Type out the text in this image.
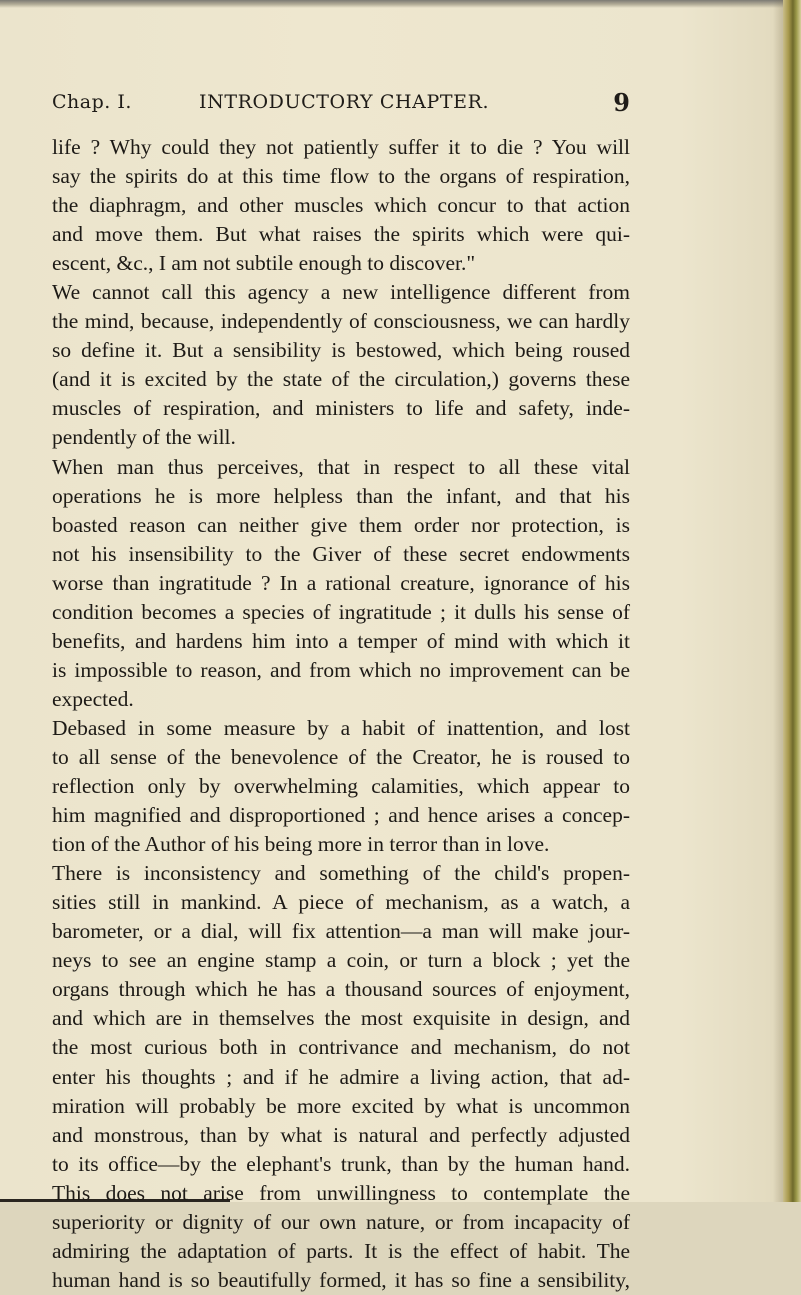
Chap. I.	INTRODUCTORY CHAPTER.	9
life ? Why could they not patiently suffer it to die ? You will
say the spirits do at this time flow to the organs of respiration,
the diaphragm, and other muscles which concur to that action
and move them. But what raises the spirits which were qui-
escent, &c., I am not subtile enough to discover."
We cannot call this agency a new intelligence different from
the mind, because, independently of consciousness, we can hardly
so define it. But a sensibility is bestowed, which being roused
(and it is excited by the state of the circulation,) governs these
muscles of respiration, and ministers to life and safety, inde-
pendently of the will.
When man thus perceives, that in respect to all these vital
operations he is more helpless than the infant, and that his
boasted reason can neither give them order nor protection, is
not his insensibility to the Giver of these secret endowments
worse than ingratitude ? In a rational creature, ignorance of his
condition becomes a species of ingratitude ; it dulls his sense of
benefits, and hardens him into a temper of mind with which it
is impossible to reason, and from which no improvement can be
expected.
Debased in some measure by a habit of inattention, and lost
to all sense of the benevolence of the Creator, he is roused to
reflection only by overwhelming calamities, which appear to
him magnified and disproportioned ; and hence arises a concep-
tion of the Author of his being more in terror than in love.
There is inconsistency and something of the child's propen-
sities still in mankind. A piece of mechanism, as a watch, a
barometer, or a dial, will fix attention—a man will make jour-
neys to see an engine stamp a coin, or turn a block ; yet the
organs through which he has a thousand sources of enjoyment,
and which are in themselves the most exquisite in design, and
the most curious both in contrivance and mechanism, do not
enter his thoughts ; and if he admire a living action, that ad-
miration will probably be more excited by what is uncommon
and monstrous, than by what is natural and perfectly adjusted
to its office—by the elephant's trunk, than by the human hand.
This does not arise from unwillingness to contemplate the
superiority or dignity of our own nature, or from incapacity of
admiring the adaptation of parts. It is the effect of habit. The
human hand is so beautifully formed, it has so fine a sensibility,
